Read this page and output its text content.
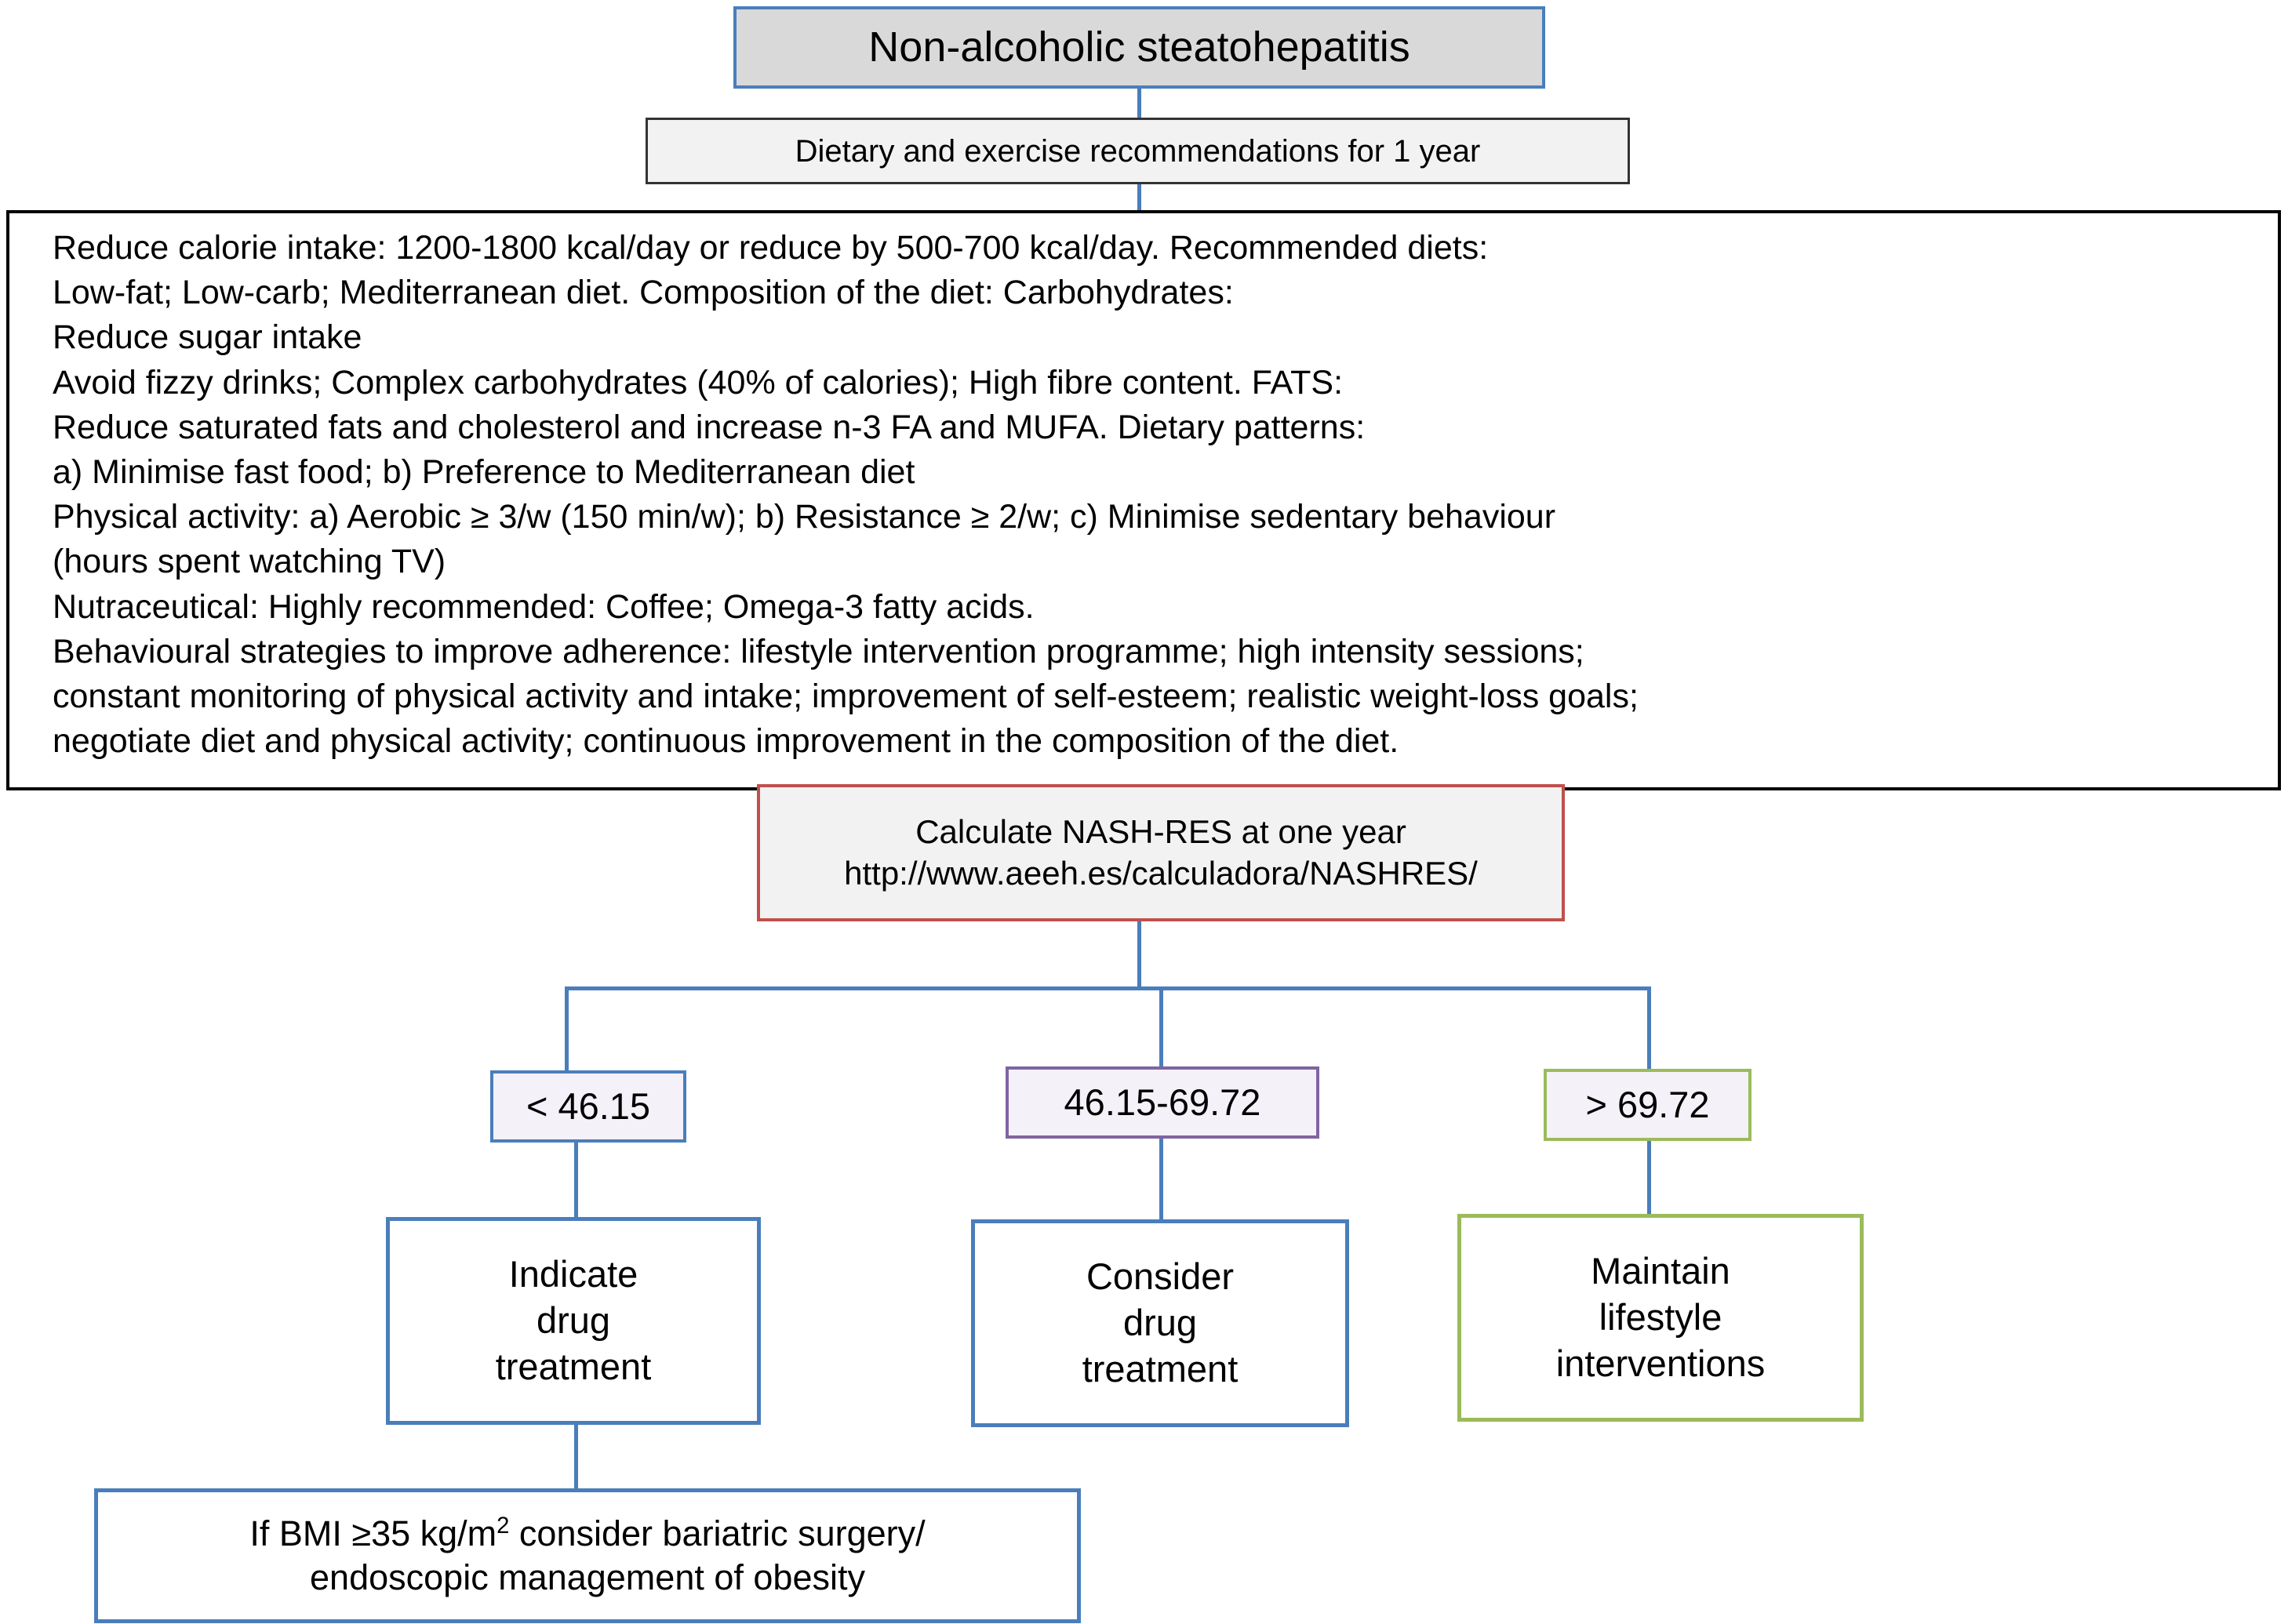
Non-alcoholic steatohepatitis
Dietary and exercise recommendations for 1 year

Reduce calorie intake: 1200-1800 kcal/day or reduce by 500-700 kcal/day. Recommended diets:

Low-fat; Low-carb; Mediterranean diet. Composition of the diet: Carbohydrates:

Reduce sugar intake

Avoid fizzy drinks; Complex carbohydrates (40% of calories); High fibre content. FATS:

Reduce saturated fats and cholesterol and increase n-3 FA and MUFA. Dietary patterns:

a) Minimise fast food; b) Preference to Mediterranean diet

Physical activity: a) Aerobic ≥ 3/w (150 min/w); b) Resistance ≥ 2/w; c) Minimise sedentary behaviour

(hours spent watching TV)

Nutraceutical: Highly recommended: Coffee; Omega-3 fatty acids.

Behavioural strategies to improve adherence: lifestyle intervention programme; high intensity sessions;

constant monitoring of physical activity and intake; improvement of self-esteem; realistic weight-loss goals;

negotiate diet and physical activity; continuous improvement in the composition of the diet.

Calculate NASH-RES at one year
http://www.aeeh.es/calculadora/NASHRES/
< 46.15	46.15-69.72	> 69.72
Indicate
drug
treatment
Consider
drug
treatment
Maintain
lifestyle
interventions
If BMI ≥35 $kg/m^2$ consider bariatric surgery/
endoscopic management of obesity
